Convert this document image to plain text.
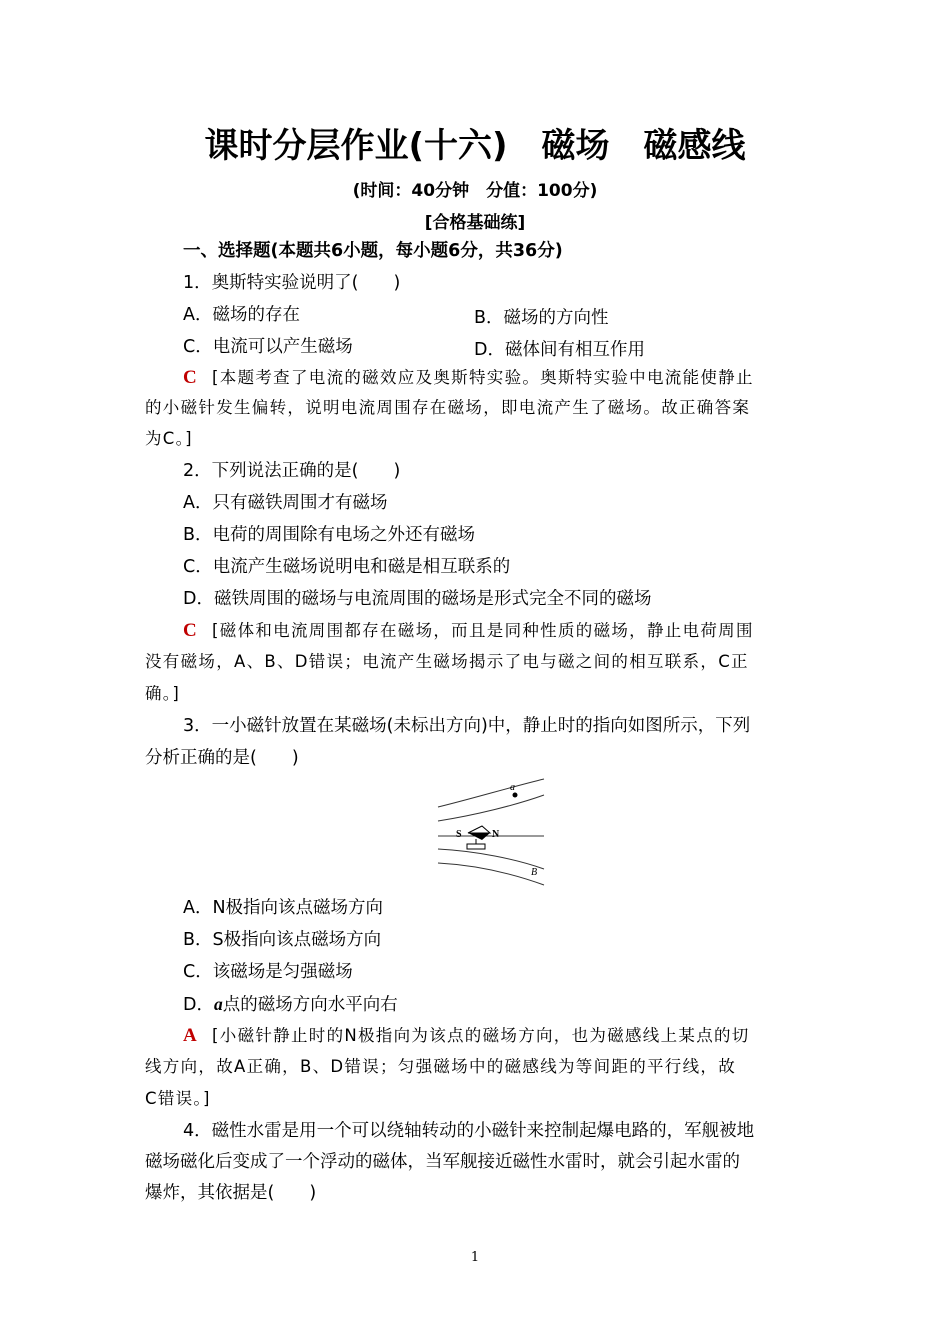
课时分层作业(十六)　磁场　磁感线
(时间：40分钟　分值：100分)
[合格基础练]
一、选择题(本题共6小题，每小题6分，共36分)
1．奥斯特实验说明了(　　)
A．磁场的存在	B．磁场的方向性
C．电流可以产生磁场	D．磁体间有相互作用
C [本题考查了电流的磁效应及奥斯特实验。奥斯特实验中电流能使静止
的小磁针发生偏转，说明电流周围存在磁场，即电流产生了磁场。故正确答案
为C。]
2．下列说法正确的是(　　)
A．只有磁铁周围才有磁场
B．电荷的周围除有电场之外还有磁场
C．电流产生磁场说明电和磁是相互联系的
D．磁铁周围的磁场与电流周围的磁场是形式完全不同的磁场
C [磁体和电流周围都存在磁场，而且是同种性质的磁场，静止电荷周围
没有磁场，A、B、D错误；电流产生磁场揭示了电与磁之间的相互联系，C正
确。]
3．一小磁针放置在某磁场(未标出方向)中，静止时的指向如图所示，下列
分析正确的是(　　)
a
S	N
B
A．N极指向该点磁场方向
B．S极指向该点磁场方向
C．该磁场是匀强磁场
D．a点的磁场方向水平向右
A [小磁针静止时的N极指向为该点的磁场方向，也为磁感线上某点的切
线方向，故A正确，B、D错误；匀强磁场中的磁感线为等间距的平行线，故
C错误。]
4．磁性水雷是用一个可以绕轴转动的小磁针来控制起爆电路的，军舰被地
磁场磁化后变成了一个浮动的磁体，当军舰接近磁性水雷时，就会引起水雷的
爆炸，其依据是(　　)
1
